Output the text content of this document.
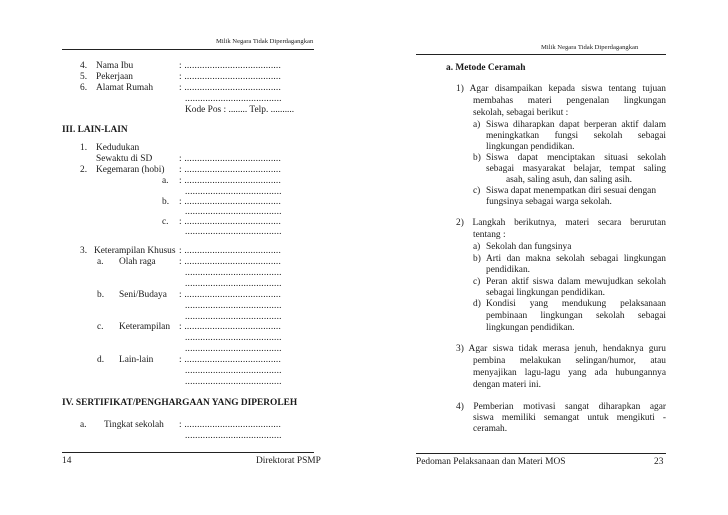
Milik Negara Tidak Diperdagangkan
4. Nama Ibu	: ......................................
5. Pekerjaan	: ......................................
6. Alamat Rumah	: ......................................
......................................
Kode Pos : ........ Telp. ..........
III. LAIN-LAIN
1. Kedudukan
Sewaktu di SD	: ......................................
2. Kegemaran (hobi) : ......................................
a. : ......................................
......................................
b. : ......................................
......................................
c. : ......................................
......................................
3. Keterampilan Khusus : ......................................
a. Olah raga : ......................................
......................................
......................................
b. Seni/Budaya : ......................................
......................................
......................................
c. Keterampilan : ......................................
......................................
......................................
d. Lain-lain	: ......................................
......................................
......................................
IV. SERTIFIKAT/PENGHARGAAN YANG DIPEROLEH
a. Tingkat sekolah : ......................................
......................................
14	Direktorat PSMP
Milik Negara Tidak Diperdagangkan
a. Metode Ceramah
1) Agar disampaikan kepada siswa tentang tujuan
membahas materi pengenalan lingkungan
sekolah, sebagai berikut :
a) Siswa diharapkan dapat berperan aktif dalam
meningkatkan fungsi sekolah sebagai
lingkungan pendidikan.
b) Siswa dapat menciptakan situasi sekolah
sebagai masyarakat belajar, tempat saling
asah, saling asuh, dan saling asih.
c) Siswa dapat menempatkan diri sesuai dengan
fungsinya sebagai warga sekolah.
2) Langkah berikutnya, materi secara berurutan
tentang :
a) Sekolah dan fungsinya
b) Arti dan makna sekolah sebagai lingkungan
pendidikan.
c) Peran aktif siswa dalam mewujudkan sekolah
sebagai lingkungan pendidikan.
d) Kondisi yang mendukung pelaksanaan
pembinaan lingkungan sekolah sebagai
lingkungan pendidikan.
3) Agar siswa tidak merasa jenuh, hendaknya guru
pembina melakukan selingan/humor, atau
menyajikan lagu-lagu yang ada hubungannya
dengan materi ini.
4) Pemberian motivasi sangat diharapkan agar
siswa memiliki semangat untuk mengikuti -
ceramah.
Pedoman Pelaksanaan dan Materi MOS	23
